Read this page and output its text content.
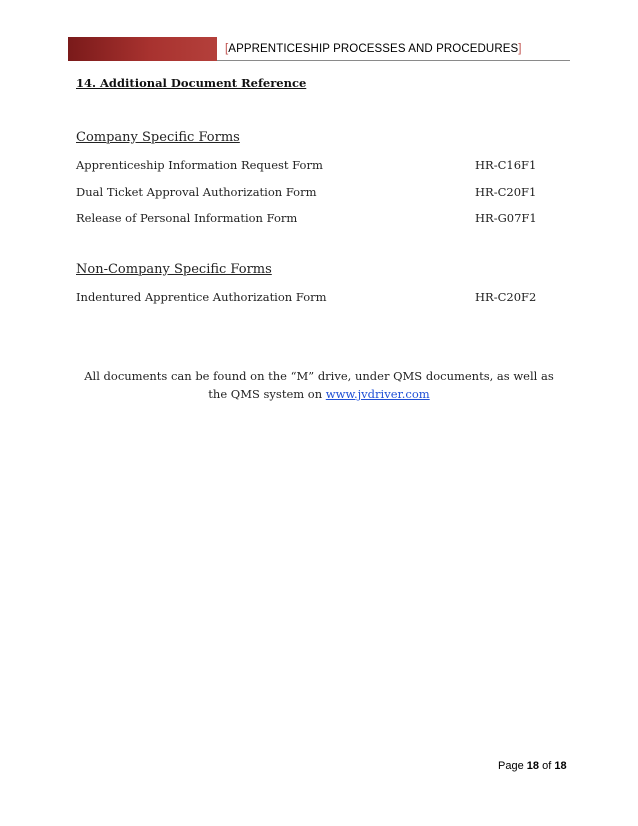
[APPRENTICESHIP PROCESSES AND PROCEDURES]
14. Additional Document Reference
Company Specific Forms
Apprenticeship Information Request Form	HR-C16F1
Dual Ticket Approval Authorization Form	HR-C20F1
Release of Personal Information Form	HR-G07F1
Non-Company Specific Forms
Indentured Apprentice Authorization Form	HR-C20F2
All documents can be found on the “M” drive, under QMS documents, as well as the QMS system on www.jvdriver.com
Page 18 of 18
